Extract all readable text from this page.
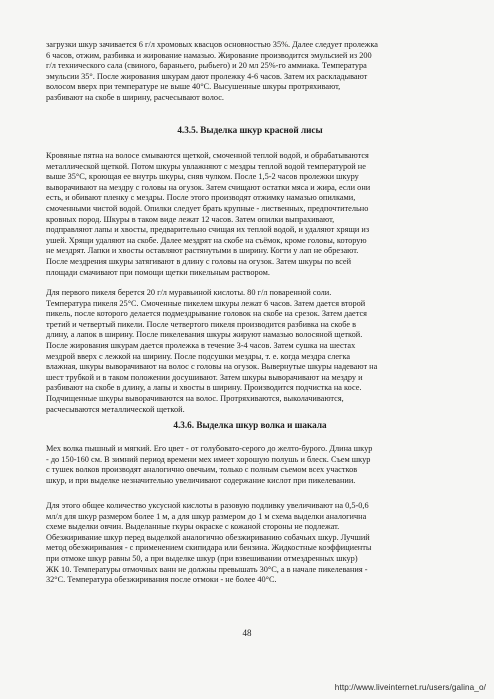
загрузки шкур зачивается 6 г/л хромовых квасцов основностью 35%. Далее следует пролежка
6 часов, отжим, разбивка и жирование намазью. Жирование производится эмульсией из 200
г/л технического сала (свиного, бараньего, рыбьего) и 20 мл 25%-го аммиака. Температура
эмульсии 35°. После жирования шкурам дают пролежку 4-6 часов. Затем их раскладывают
волосом вверх при температуре не выше 40°С. Высушенные шкуры протряхивают,
разбивают на скобе в ширину, расчесывают волос.
4.3.5. Выделка шкур красной лисы
Кровяные пятна на волосе смываются щеткой, смоченной теплой водой, и обрабатываются
металлической щеткой. Потом шкуры увлажняют с мездры теплой водой температурой не
выше 35°С, кроющая ее внутрь шкуры, сняв чулком. После 1,5-2 часов пролежки шкуру
выворачивают на мездру с головы на огузок. Затем счищают остатки мяса и жира, если они
есть, и обивают пленку с мездры. После этого производят отжимку намазью опилками,
смоченными чистой водой. Опилки следует брать крупные - лиственных, предпочтительно
кровных пород. Шкуры в таком виде лежат 12 часов. Затем опилки выпрахивают,
подправляют лапы и хвосты, предварительно счищая их теплой водой, и удаляют хрящи из
ушей. Хрящи удаляют на скобе. Далее мездрят на скобе на съёмок, кроме головы, которую
не мездрят. Лапки и хвосты оставляют растянутыми в ширину. Когти у лап не обрезают.
После мездрения шкуры затягивают в длину с головы на огузок. Затем шкуры по всей
площади смачивают при помощи щетки пикельным раствором.
Для первого пикеля берется 20 г/л муравьиной кислоты. 80 г/л поваренной соли.
Температура пикеля 25°С. Смоченные пикелем шкуры лежат 6 часов. Затем дается второй
пикель, после которого делается подмездрывание головок на скобе на срезок. Затем дается
третий и четвертый пикели. После четвертого пикеля производится разбивка на скобе в
длину, а лапок в ширину. После пикелевания шкуры жируют намазью волосяной щеткой.
После жирования шкурам дается пролежка в течение 3-4 часов. Затем сушка на шестах
мездрой вверх с лежкой на ширину. После подсушки мездры, т. е. когда мездра слегка
влажная, шкуры выворачивают на волос с головы на огузок. Вывернутые шкуры надевают на
шест трубкой и в таком положении досушивают. Затем шкуры выворачивают на мездру и
разбивают на скобе в длину, а лапы и хвосты в ширину. Производится подчистка на косе.
Подчищенные шкуры выворачиваются на волос. Протряхиваются, выколачиваются,
расчесываются металлической щеткой.
4.3.6. Выделка шкур волка и шакала
Мех волка пышный и мягкий. Его цвет - от голубовато-серого до желто-бурого. Длина шкур
- до 150-160 см. В зимний период времени мех имеет хорошую полушь и блеск. Съем шкур
с тушек волков производят аналогично овечьим, только с полным съемом всех участков
шкур, и при выделке незначительно увеличивают содержание кислот при пикелевании.
Для этого общее количество уксусной кислоты в разовую подливку увеличивают на 0,5-0,6
мл/л для шкур размером более 1 м, а для шкур размером до 1 м схема выделки аналогична
схеме выделки овчин. Выделанные гкуры окраске с кожаной стороны не подлежат.
Обезжиривание шкур перед выделкой аналогично обезжириванию собачьих шкур. Лучший
метод обезжиривания - с применением скипидара или бензина. Жидкостные коэффициенты
при отмоке шкур равны 50, а при выделке шкур (при взвешивании отмездренных шкур)
ЖК 10. Температуры отмочных ванн не должны превышать 30°С, а в начале пикелевания -
32°С. Температура обезжиривания после отмоки - не более 40°С.
48
http://www.liveinternet.ru/users/galina_o/
